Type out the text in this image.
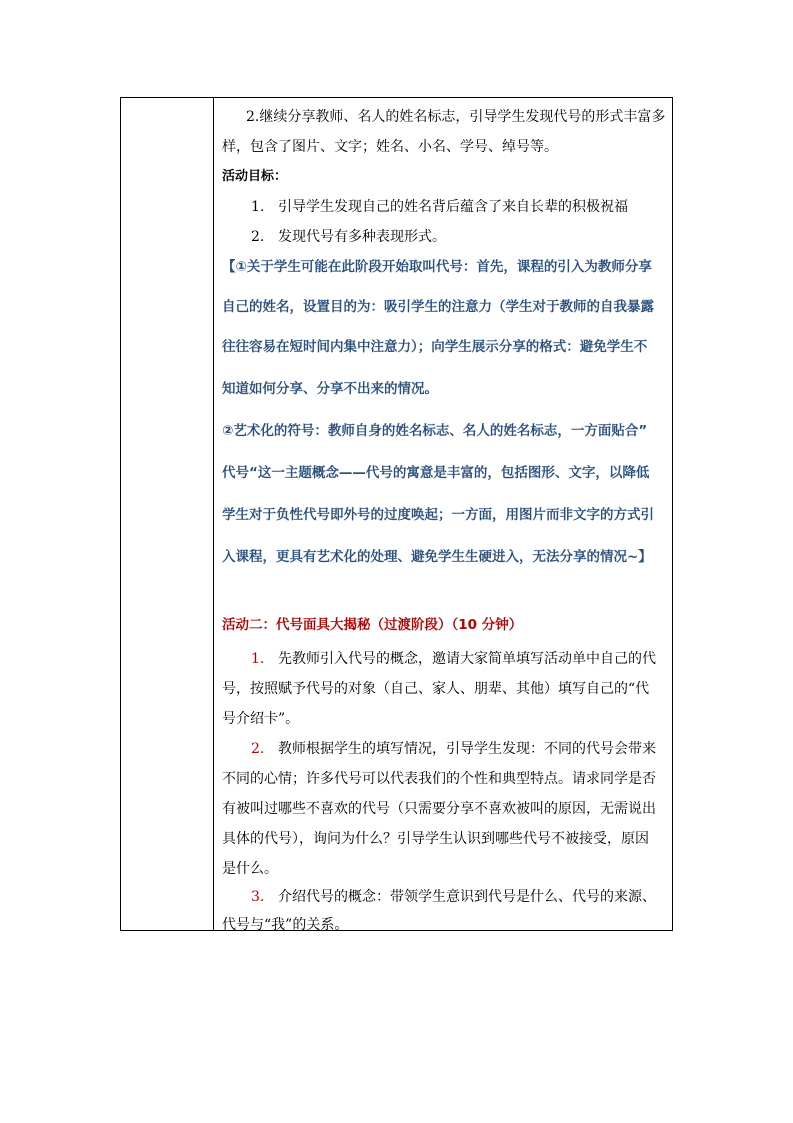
2.继续分享教师、名人的姓名标志，引导学生发现代号的形式丰富多
样，包含了图片、文字；姓名、小名、学号、绰号等。
活动目标：
1. 引导学生发现自己的姓名背后蕴含了来自长辈的积极祝福
2. 发现代号有多种表现形式。
【①关于学生可能在此阶段开始取叫代号：首先，课程的引入为教师分享
自己的姓名，设置目的为：吸引学生的注意力（学生对于教师的自我暴露
往往容易在短时间内集中注意力）；向学生展示分享的格式：避免学生不
知道如何分享、分享不出来的情况。
②艺术化的符号：教师自身的姓名标志、名人的姓名标志，一方面贴合”
代号“这一主题概念——代号的寓意是丰富的，包括图形、文字，以降低
学生对于负性代号即外号的过度唤起；一方面，用图片而非文字的方式引
入课程，更具有艺术化的处理、避免学生生硬进入，无法分享的情况~】
活动二：代号面具大揭秘（过渡阶段）（10 分钟）
1. 先教师引入代号的概念，邀请大家简单填写活动单中自己的代
号，按照赋予代号的对象（自己、家人、朋辈、其他）填写自己的“代
号介绍卡”。
2. 教师根据学生的填写情况，引导学生发现：不同的代号会带来
不同的心情；许多代号可以代表我们的个性和典型特点。请求同学是否
有被叫过哪些不喜欢的代号（只需要分享不喜欢被叫的原因，无需说出
具体的代号），询问为什么？引导学生认识到哪些代号不被接受，原因
是什么。
3. 介绍代号的概念：带领学生意识到代号是什么、代号的来源、
代号与“我”的关系。
